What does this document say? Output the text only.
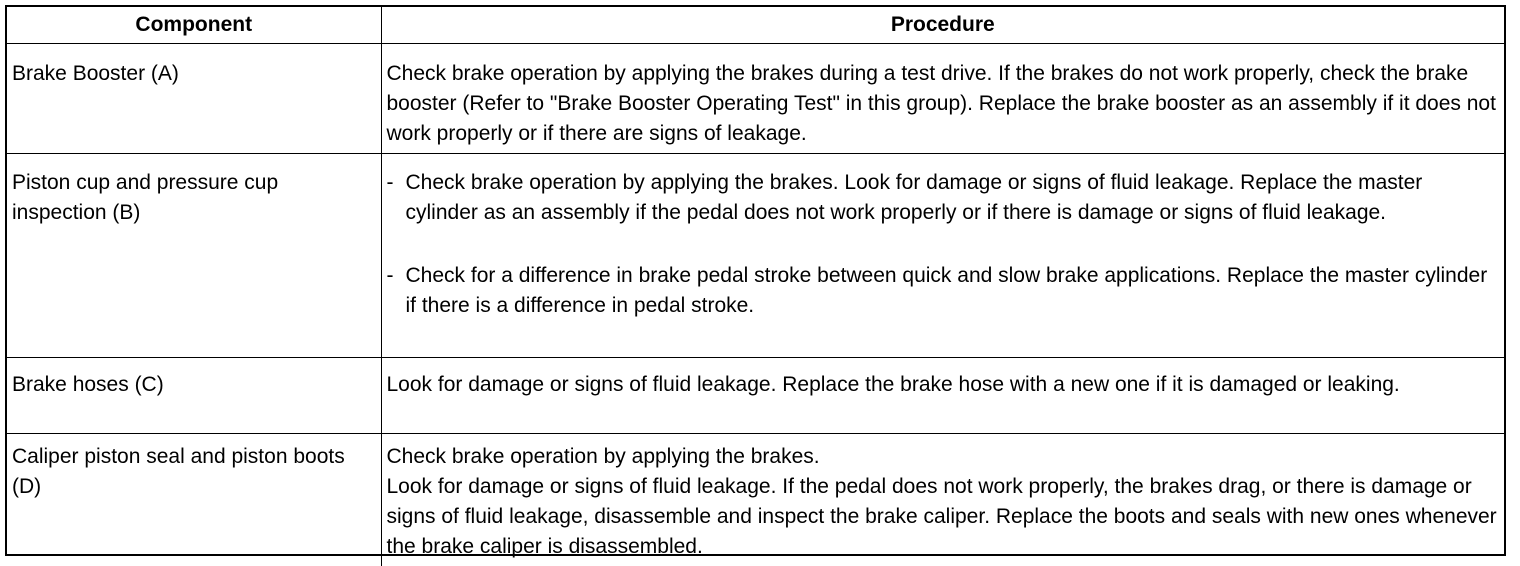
Component	Procedure
Brake Booster (A)	Check brake operation by applying the brakes during a test drive. If the brakes do not work properly, check the brake booster (Refer to "Brake Booster Operating Test" in this group). Replace the brake booster as an assembly if it does not work properly or if there are signs of leakage.

Piston cup and pressure cup inspection (B)	- Check brake operation by applying the brakes. Look for damage or signs of fluid leakage. Replace the master cylinder as an assembly if the pedal does not work properly or if there is damage or signs of fluid leakage.
- Check for a difference in brake pedal stroke between quick and slow brake applications. Replace the master cylinder if there is a difference in pedal stroke.

Brake hoses (C)	Look for damage or signs of fluid leakage. Replace the brake hose with a new one if it is damaged or leaking.
Caliper piston seal and piston boots (D)	Check brake operation by applying the brakes.
Look for damage or signs of fluid leakage. If the pedal does not work properly, the brakes drag, or there is damage or signs of fluid leakage, disassemble and inspect the brake caliper. Replace the boots and seals with new ones whenever the brake caliper is disassembled.
